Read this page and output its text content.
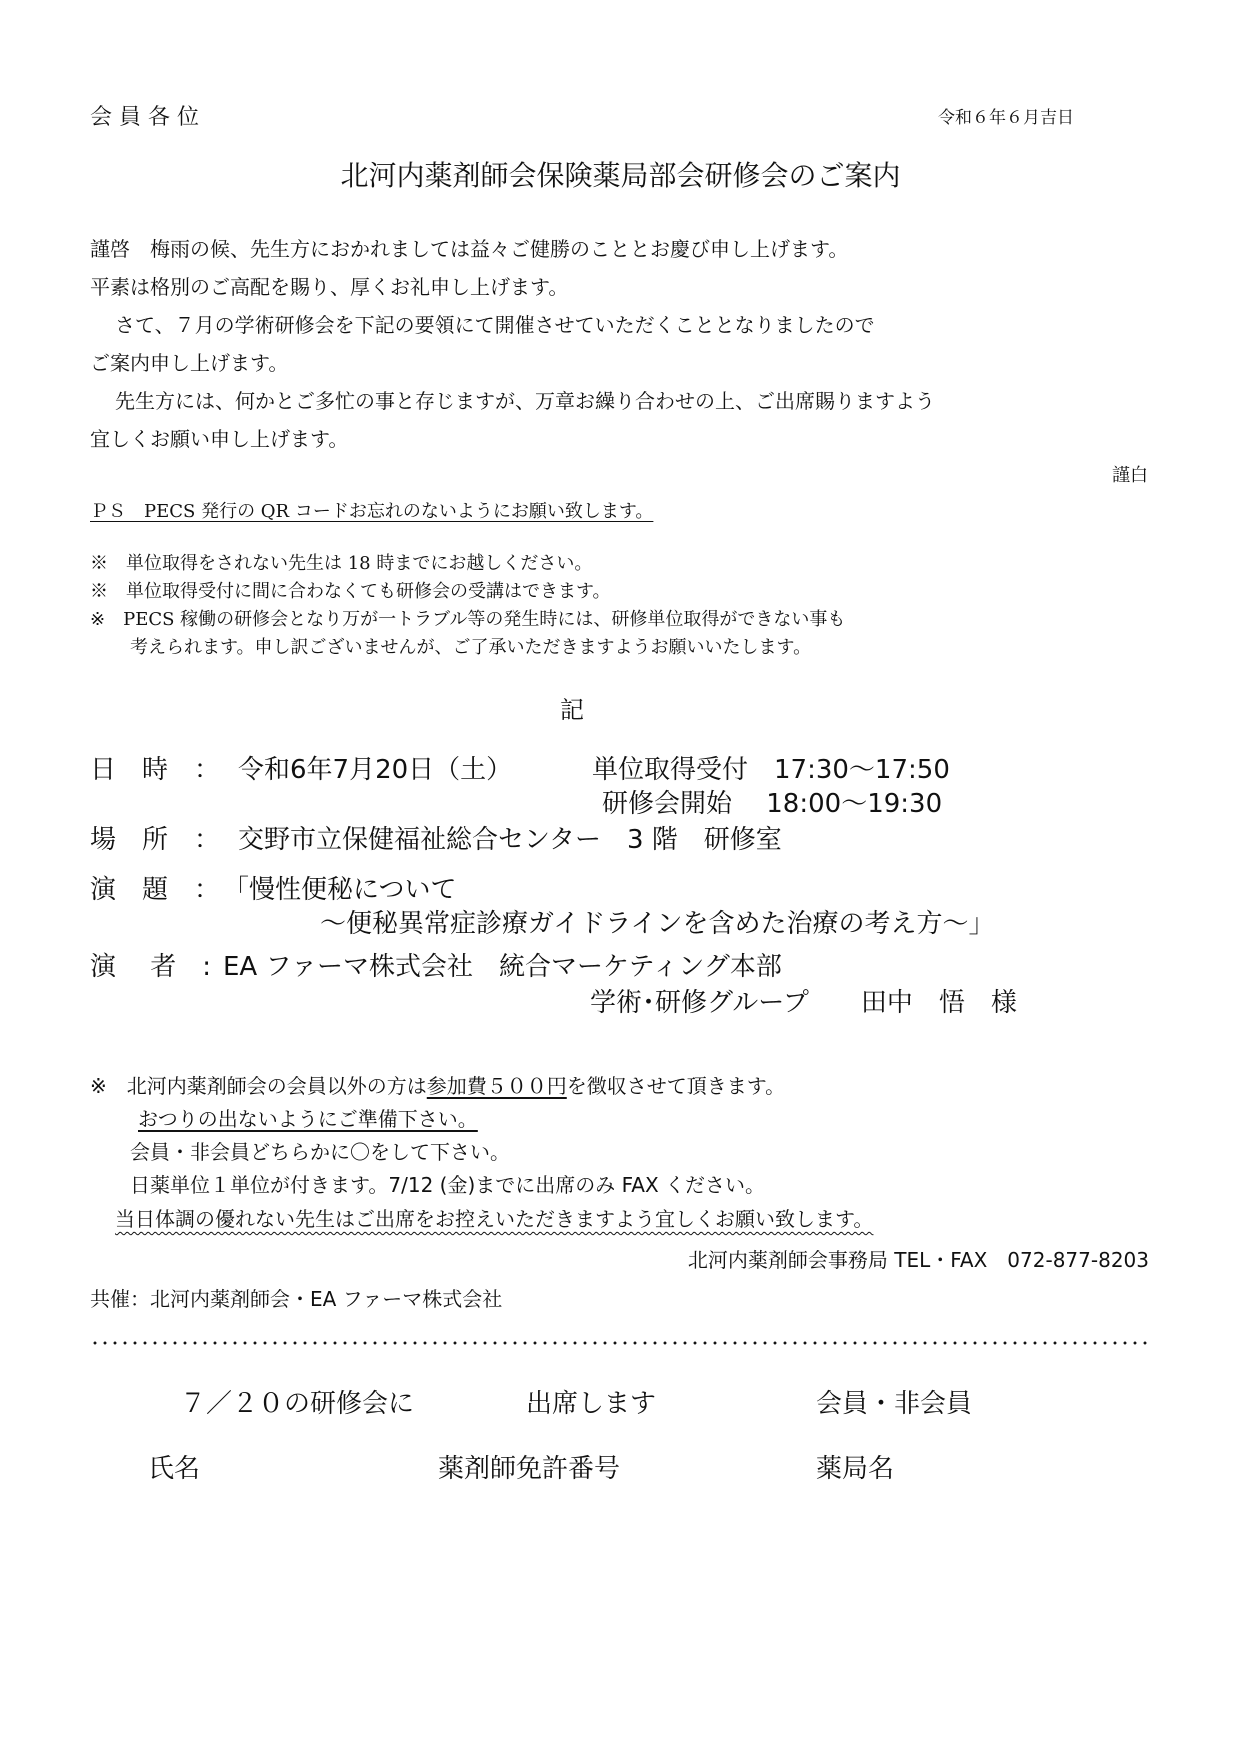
会 員 各 位	令和６年６月吉日
北河内薬剤師会保険薬局部会研修会のご案内
謹啓　梅雨の候、先生方におかれましては益々ご健勝のこととお慶び申し上げます。
平素は格別のご高配を賜り、厚くお礼申し上げます。
さて、７月の学術研修会を下記の要領にて開催させていただくこととなりましたので
ご案内申し上げます。
先生方には、何かとご多忙の事と存じますが、万章お繰り合わせの上、ご出席賜りますよう
宜しくお願い申し上げます。
謹白
ＰＳ　PECS 発行の QR コードお忘れのないようにお願い致します。
※　単位取得をされない先生は 18 時までにお越しください。
※　単位取得受付に間に合わなくても研修会の受講はできます。
※　PECS 稼働の研修会となり万が一トラブル等の発生時には、研修単位取得ができない事も
考えられます。申し訳ございませんが、ご了承いただきますようお願いいたします。
記
日　時　： 令和6年7月20日（土）	単位取得受付　17:30〜17:50
研修会開始　 18:00〜19:30
場　所　： 交野市立保健福祉総合センター　3 階　研修室
演　題　： 「慢性便秘について
〜便秘異常症診療ガイドラインを含めた治療の考え方〜」
演　 者　: EA ファーマ株式会社　統合マーケティング本部
学術･研修グループ　　田中　悟　様
※　北河内薬剤師会の会員以外の方は参加費５００円を徴収させて頂きます。
おつりの出ないようにご準備下さい。
会員・非会員どちらかに〇をして下さい。
日薬単位１単位が付きます。7/12 (金)までに出席のみ FAX ください。
当日体調の優れない先生はご出席をお控えいただきますよう宜しくお願い致します。
北河内薬剤師会事務局 TEL・FAX　072-877-8203
共催：北河内薬剤師会・EA ファーマ株式会社
７／２０の研修会に	出席します	会員・非会員
氏名	薬剤師免許番号	薬局名
